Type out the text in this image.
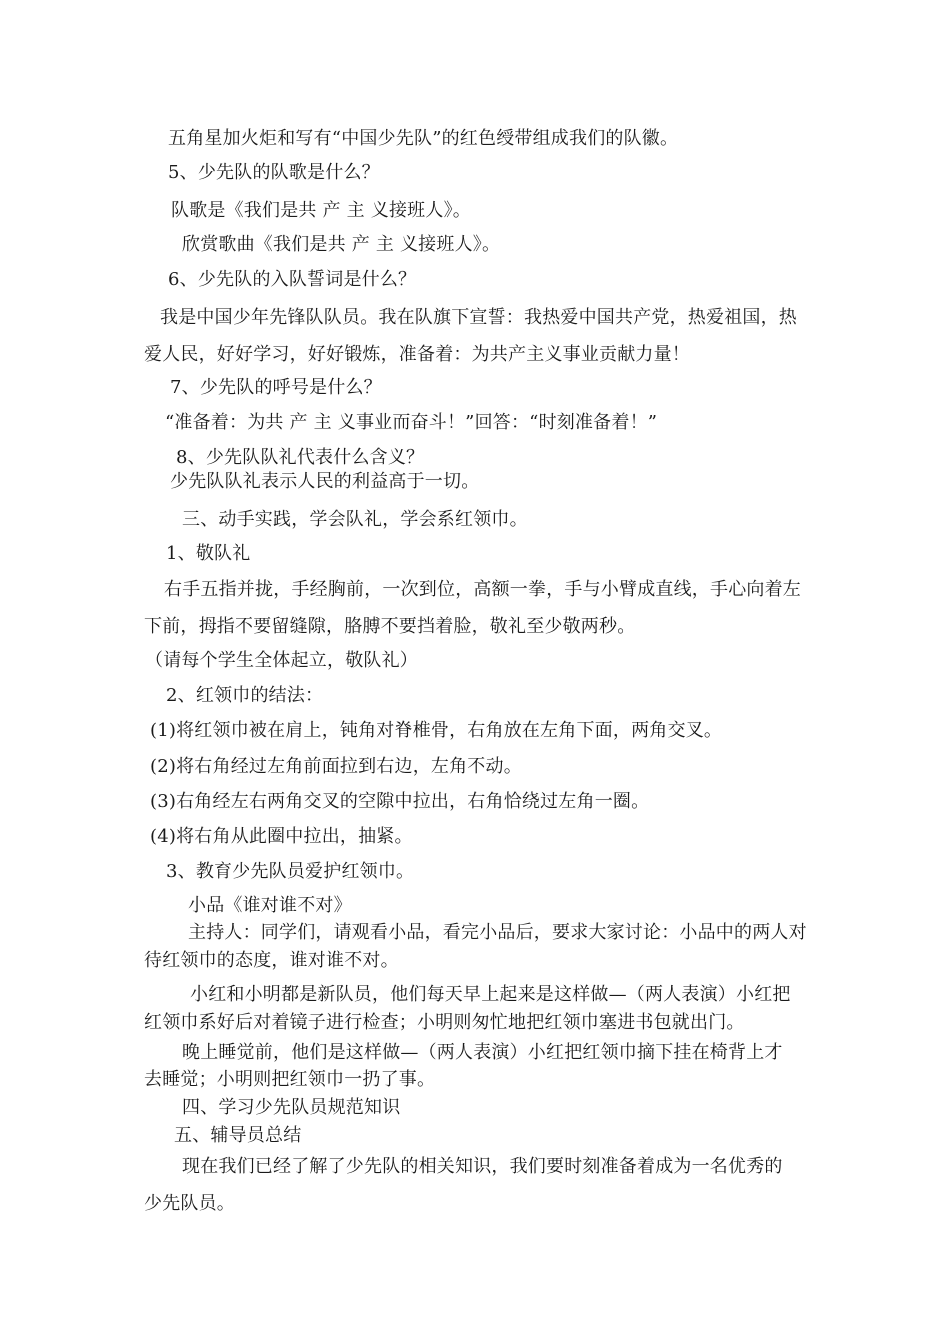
五角星加火炬和写有“中国少先队”的红色绶带组成我们的队徽。
5、少先队的队歌是什么？
队歌是《我们是共 产 主 义接班人》。
欣赏歌曲《我们是共 产 主 义接班人》。
6、少先队的入队誓词是什么？
我是中国少年先锋队队员。我在队旗下宣誓：我热爱中国共产党，热爱祖国，热
爱人民，好好学习，好好锻炼，准备着：为共产主义事业贡献力量！
7、少先队的呼号是什么？
“准备着：为共 产 主 义事业而奋斗！”回答：“时刻准备着！”
8、少先队队礼代表什么含义？
少先队队礼表示人民的利益高于一切。
三、动手实践，学会队礼，学会系红领巾。
1、敬队礼
右手五指并拢，手经胸前，一次到位，高额一拳，手与小臂成直线，手心向着左
下前，拇指不要留缝隙，胳膊不要挡着脸，敬礼至少敬两秒。
（请每个学生全体起立，敬队礼）
2、红领巾的结法：
(1)将红领巾被在肩上，钝角对脊椎骨，右角放在左角下面，两角交叉。
(2)将右角经过左角前面拉到右边，左角不动。
(3)右角经左右两角交叉的空隙中拉出，右角恰绕过左角一圈。
(4)将右角从此圈中拉出，抽紧。
3、教育少先队员爱护红领巾。
小品《谁对谁不对》
主持人：同学们，请观看小品，看完小品后，要求大家讨论：小品中的两人对
待红领巾的态度，谁对谁不对。
小红和小明都是新队员，他们每天早上起来是这样做—（两人表演）小红把
红领巾系好后对着镜子进行检查；小明则匆忙地把红领巾塞进书包就出门。
晚上睡觉前，他们是这样做—（两人表演）小红把红领巾摘下挂在椅背上才
去睡觉；小明则把红领巾一扔了事。
四、学习少先队员规范知识
五、辅导员总结
现在我们已经了解了少先队的相关知识，我们要时刻准备着成为一名优秀的
少先队员。
